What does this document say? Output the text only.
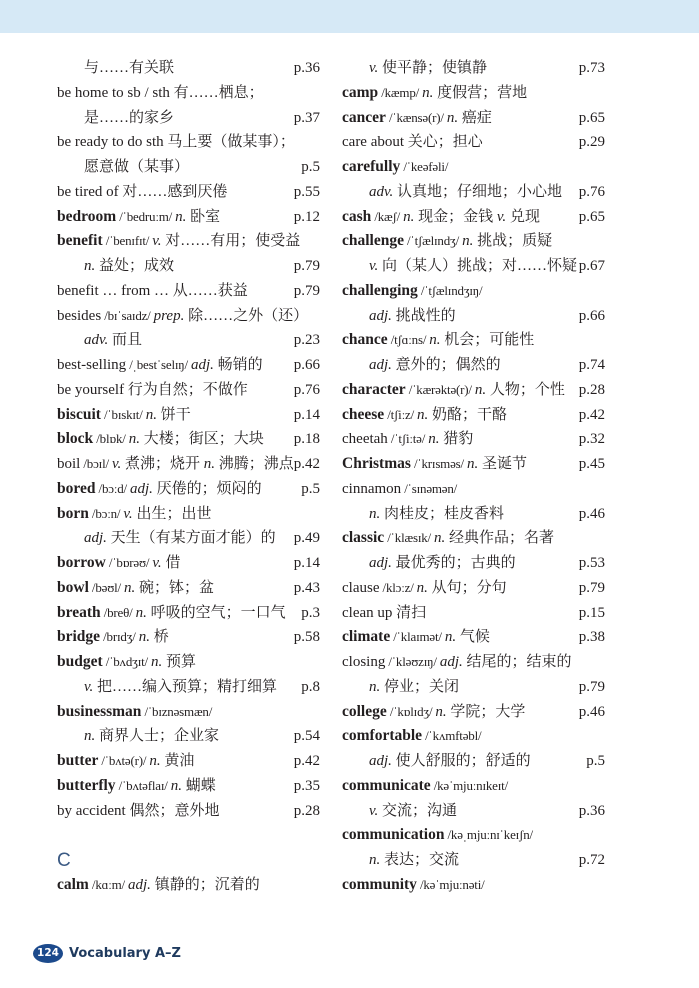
与……有关联	p.36
be home to sb / sth 有……栖息；
是……的家乡	p.37
be ready to do sth 马上要（做某事）；
愿意做（某事）	p.5
be tired of 对……感到厌倦	p.55
bedroom /ˈbedruːm/ n. 卧室	p.12
benefit /ˈbenɪfɪt/ v. 对……有用；使受益
n. 益处；成效	p.79
benefit … from … 从……获益	p.79
besides /bɪˈsaɪdz/ prep. 除……之外（还）
adv. 而且	p.23
best-selling /ˌbestˈselɪŋ/ adj. 畅销的 p.66
be yourself 行为自然；不做作	p.76
biscuit /ˈbɪskɪt/ n. 饼干	p.14
block /blɒk/ n. 大楼；街区；大块 p.18
boil /bɔɪl/ v. 煮沸；烧开 n. 沸腾；沸点 p.42
bored /bɔːd/ adj. 厌倦的；烦闷的	p.5
born /bɔːn/ v. 出生；出世
adj. 天生（有某方面才能）的 p.49
borrow /ˈbɒrəʊ/ v. 借	p.14
bowl /bəʊl/ n. 碗；钵；盆	p.43
breath /breθ/ n. 呼吸的空气；一口气 p.3
bridge /brɪdʒ/ n. 桥	p.58
budget /ˈbʌdʒɪt/ n. 预算
v. 把……编入预算；精打细算 p.8
businessman /ˈbɪznəsmæn/
n. 商界人士；企业家	p.54
butter /ˈbʌtə(r)/ n. 黄油	p.42
butterfly /ˈbʌtəflaɪ/ n. 蝴蝶	p.35
by accident 偶然；意外地	p.28
C
calm /kɑːm/ adj. 镇静的；沉着的
v. 使平静；使镇静	p.73
camp /kæmp/ n. 度假营；营地
cancer /ˈkænsə(r)/ n. 癌症	p.65
care about 关心；担心	p.29
carefully /ˈkeəfəli/
adv. 认真地；仔细地；小心地 p.76
cash /kæʃ/ n. 现金；金钱 v. 兑现	p.65
challenge /ˈtʃælɪndʒ/ n. 挑战；质疑
v. 向（某人）挑战；对……怀疑 p.67
challenging /ˈtʃælɪndʒɪŋ/
adj. 挑战性的	p.66
chance /tʃɑːns/ n. 机会；可能性
adj. 意外的；偶然的	p.74
character /ˈkærəktə(r)/ n. 人物；个性 p.28
cheese /tʃiːz/ n. 奶酪；干酪	p.42
cheetah /ˈtʃiːtə/ n. 猎豹	p.32
Christmas /ˈkrɪsməs/ n. 圣诞节	p.45
cinnamon /ˈsɪnəmən/
n. 肉桂皮；桂皮香料	p.46
classic /ˈklæsɪk/ n. 经典作品；名著
adj. 最优秀的；古典的	p.53
clause /klɔːz/ n. 从句；分句	p.79
clean up 清扫	p.15
climate /ˈklaɪmət/ n. 气候	p.38
closing /ˈkləʊzɪŋ/ adj. 结尾的；结束的
n. 停业；关闭	p.79
college /ˈkɒlɪdʒ/ n. 学院；大学	p.46
comfortable /ˈkʌmftəbl/
adj. 使人舒服的；舒适的	p.5
communicate /kəˈmjuːnɪkeɪt/
v. 交流；沟通	p.36
communication /kəˌmjuːnɪˈkeɪʃn/
n. 表达；交流	p.72
community /kəˈmjuːnəti/
124 Vocabulary A–Z
